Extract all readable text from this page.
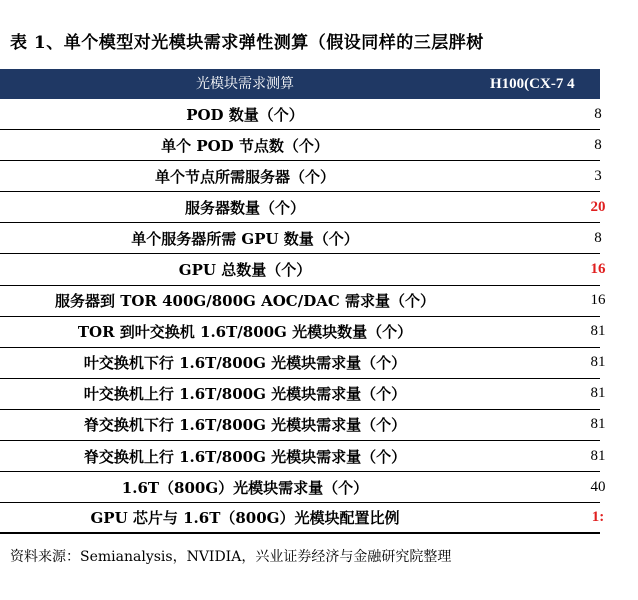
表 1、单个模型对光模块需求弹性测算（假设同样的三层胖树
光模块需求测算	H100(CX-7 4
POD 数量（个）	8
单个 POD 节点数（个）	8
单个节点所需服务器（个）	3
服务器数量（个）	20
单个服务器所需 GPU 数量（个）	8
GPU 总数量（个）	16
服务器到 TOR 400G/800G AOC/DAC 需求量（个）	16
TOR 到叶交换机 1.6T/800G 光模块数量（个）	81
叶交换机下行 1.6T/800G 光模块需求量（个）	81
叶交换机上行 1.6T/800G 光模块需求量（个）	81
脊交换机下行 1.6T/800G 光模块需求量（个）	81
脊交换机上行 1.6T/800G 光模块需求量（个）	81
1.6T（800G）光模块需求量（个）	40
GPU 芯片与 1.6T（800G）光模块配置比例	1:
资料来源：Semianalysis，NVIDIA，兴业证券经济与金融研究院整理
